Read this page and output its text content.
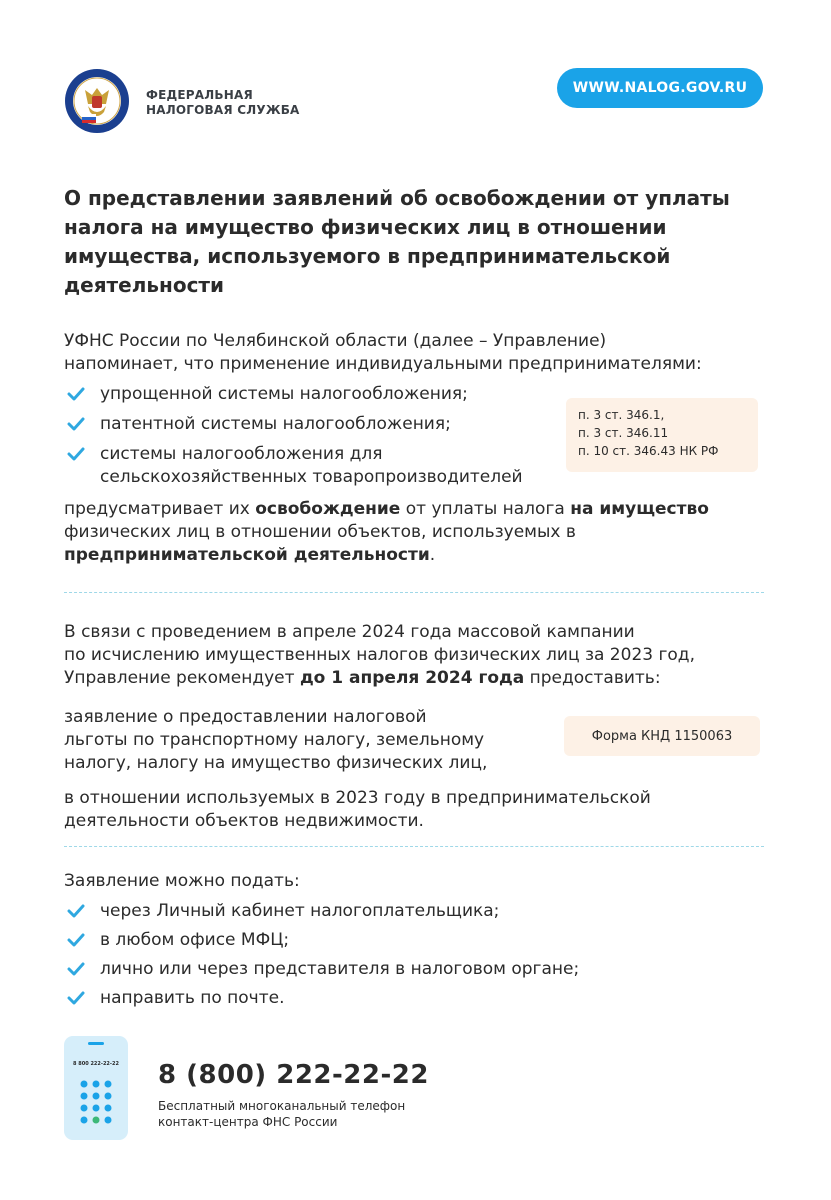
ФЕДЕРАЛЬНАЯ
НАЛОГОВАЯ СЛУЖБА
WWW.NALOG.GOV.RU
О представлении заявлений об освобождении от уплаты налога на имущество физических лиц в отношении имущества, используемого в предпринимательской деятельности

УФНС России по Челябинской области (далее – Управление)

напоминает, что применение индивидуальными предпринимателями:

упрощенной системы налогообложения;
патентной системы налогообложения;
системы налогообложения для сельскохозяйственных товаропроизводителей
п. 3 ст. 346.1,
п. 3 ст. 346.11
п. 10 ст. 346.43 НК РФ

предусматривает их освобождение от уплаты налога на имущество физических лиц в отношении объектов, используемых в предпринимательской деятельности.

В связи с проведением в апреле 2024 года массовой кампании

по исчислению имущественных налогов физических лиц за 2023 год,

Управление рекомендует до 1 апреля 2024 года предоставить:

заявление о предоставлении налоговой

льготы по транспортному налогу, земельному

налогу, налогу на имущество физических лиц,

Форма КНД 1150063

в отношении используемых в 2023 году в предпринимательской

деятельности объектов недвижимости.

Заявление можно подать:

через Личный кабинет налогоплательщика;
в любом офисе МФЦ;
лично или через представителя в налоговом органе;
направить по почте.
8 800 222-22-22 8 (800) 222-22-22
Бесплатный многоканальный телефон
контакт-центра ФНС России
